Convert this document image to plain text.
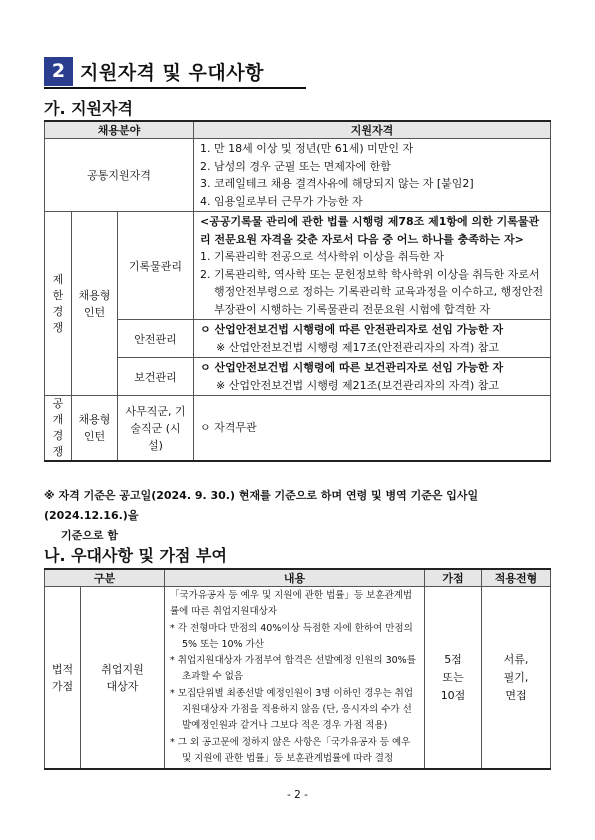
2 지원자격 및 우대사항
가. 지원자격
채용분야			지원자격
공통지원자격			1. 만 18세 이상 및 정년(만 61세) 미만인 자
2. 남성의 경우 군필 또는 면제자에 한함
3. 코레일테크 채용 결격사유에 해당되지 않는 자 [붙임2]
4. 임용일로부터 근무가 가능한 자

제한경쟁	채용형 인턴	기록물관리	<공공기록물 관리에 관한 법률 시행령 제78조 제1항에 의한 기록물관리 전문요원 자격을 갖춘 자로서 다음 중 어느 하나를 충족하는 자>
1. 기록관리학 전공으로 석사학위 이상을 취득한 자
2. 기록관리학, 역사학 또는 문헌정보학 학사학위 이상을 취득한 자로서 행정안전부령으로 정하는 기록관리학 교육과정을 이수하고, 행정안전부장관이 시행하는 기록물관리 전문요원 시험에 합격한 자

		안전관리	ㅇ 산업안전보건법 시행령에 따른 안전관리자로 선임 가능한 자
※ 산업안전보건법 시행령 제17조(안전관리자의 자격) 참고

		보건관리	ㅇ 산업안전보건법 시행령에 따른 보건관리자로 선임 가능한 자
※ 산업안전보건법 시행령 제21조(보건관리자의 자격) 참고

공개경쟁	채용형 인턴	사무직군, 기술직군 (시설)	ㅇ 자격무관
※ 자격 기준은 공고일(2024. 9. 30.) 현재를 기준으로 하며 연령 및 병역 기준은 입사일(2024.12.16.)을
기준으로 함
나. 우대사항 및 가점 부여
구분		내용	가점	적용전형
법적 가점	취업지원 대상자	「국가유공자 등 예우 및 지원에 관한 법률」등 보훈관계법률에 따른 취업지원대상자
* 각 전형마다 만점의 40%이상 득점한 자에 한하여 만점의 5% 또는 10% 가산
* 취업지원대상자 가점부여 합격은 선발예정 인원의 30%를 초과할 수 없음
* 모집단위별 최종선발 예정인원이 3명 이하인 경우는 취업지원대상자 가점을 적용하지 않음 (단, 응시자의 수가 선발예정인원과 같거나 그보다 적은 경우 가점 적용)
* 그 외 공고문에 정하지 않은 사항은「국가유공자 등 예우 및 지원에 관한 법률」등 보훈관계법률에 따라 결정	5점 또는 10점	서류, 필기, 면접
- 2 -
